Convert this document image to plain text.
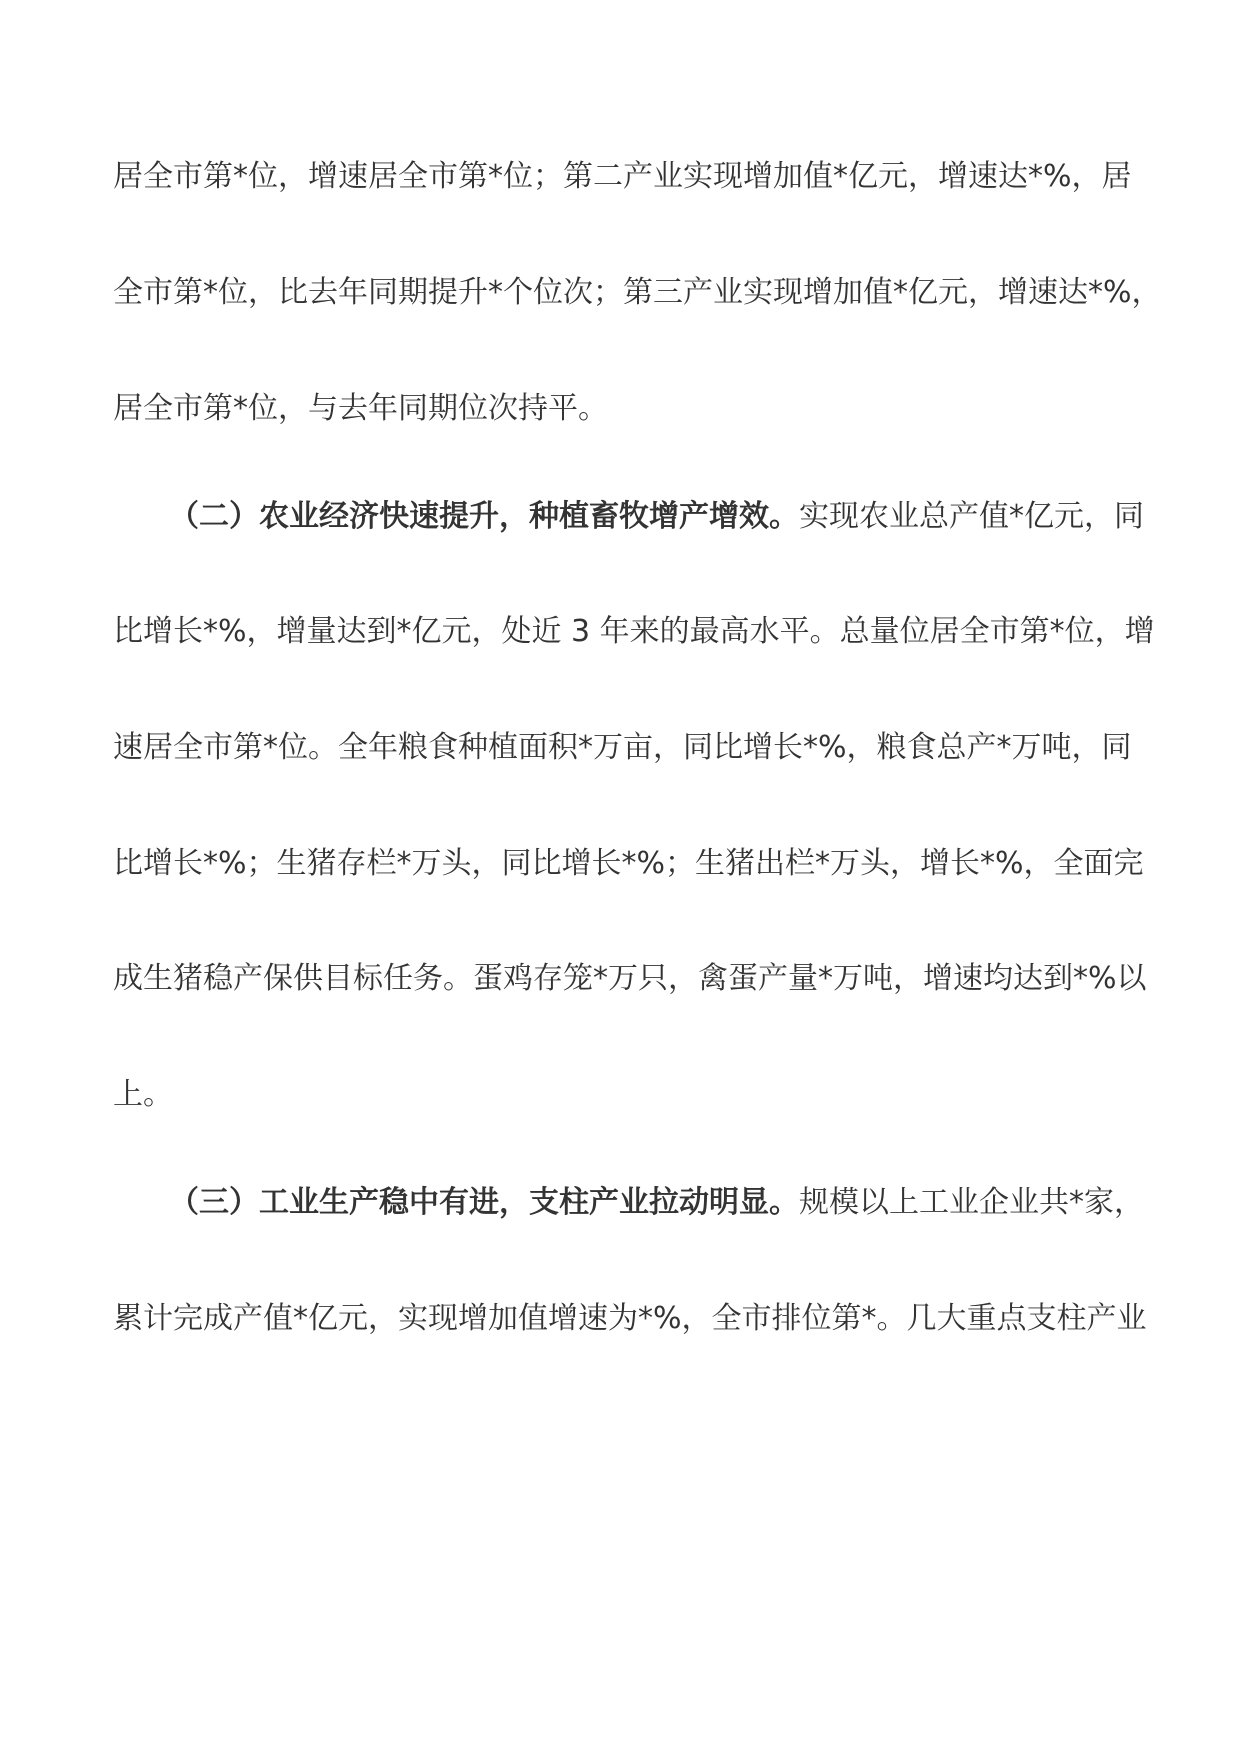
居全市第*位，增速居全市第*位；第二产业实现增加值*亿元，增速达*%，居
全市第*位，比去年同期提升*个位次；第三产业实现增加值*亿元，增速达*%，
居全市第*位，与去年同期位次持平。
（二）农业经济快速提升，种植畜牧增产增效。实现农业总产值*亿元，同
比增长*%，增量达到*亿元，处近 3 年来的最高水平。总量位居全市第*位，增
速居全市第*位。全年粮食种植面积*万亩，同比增长*%，粮食总产*万吨，同
比增长*%；生猪存栏*万头，同比增长*%；生猪出栏*万头，增长*%，全面完
成生猪稳产保供目标任务。蛋鸡存笼*万只，禽蛋产量*万吨，增速均达到*%以
上。
（三）工业生产稳中有进，支柱产业拉动明显。规模以上工业企业共*家，
累计完成产值*亿元，实现增加值增速为*%，全市排位第*。几大重点支柱产业
